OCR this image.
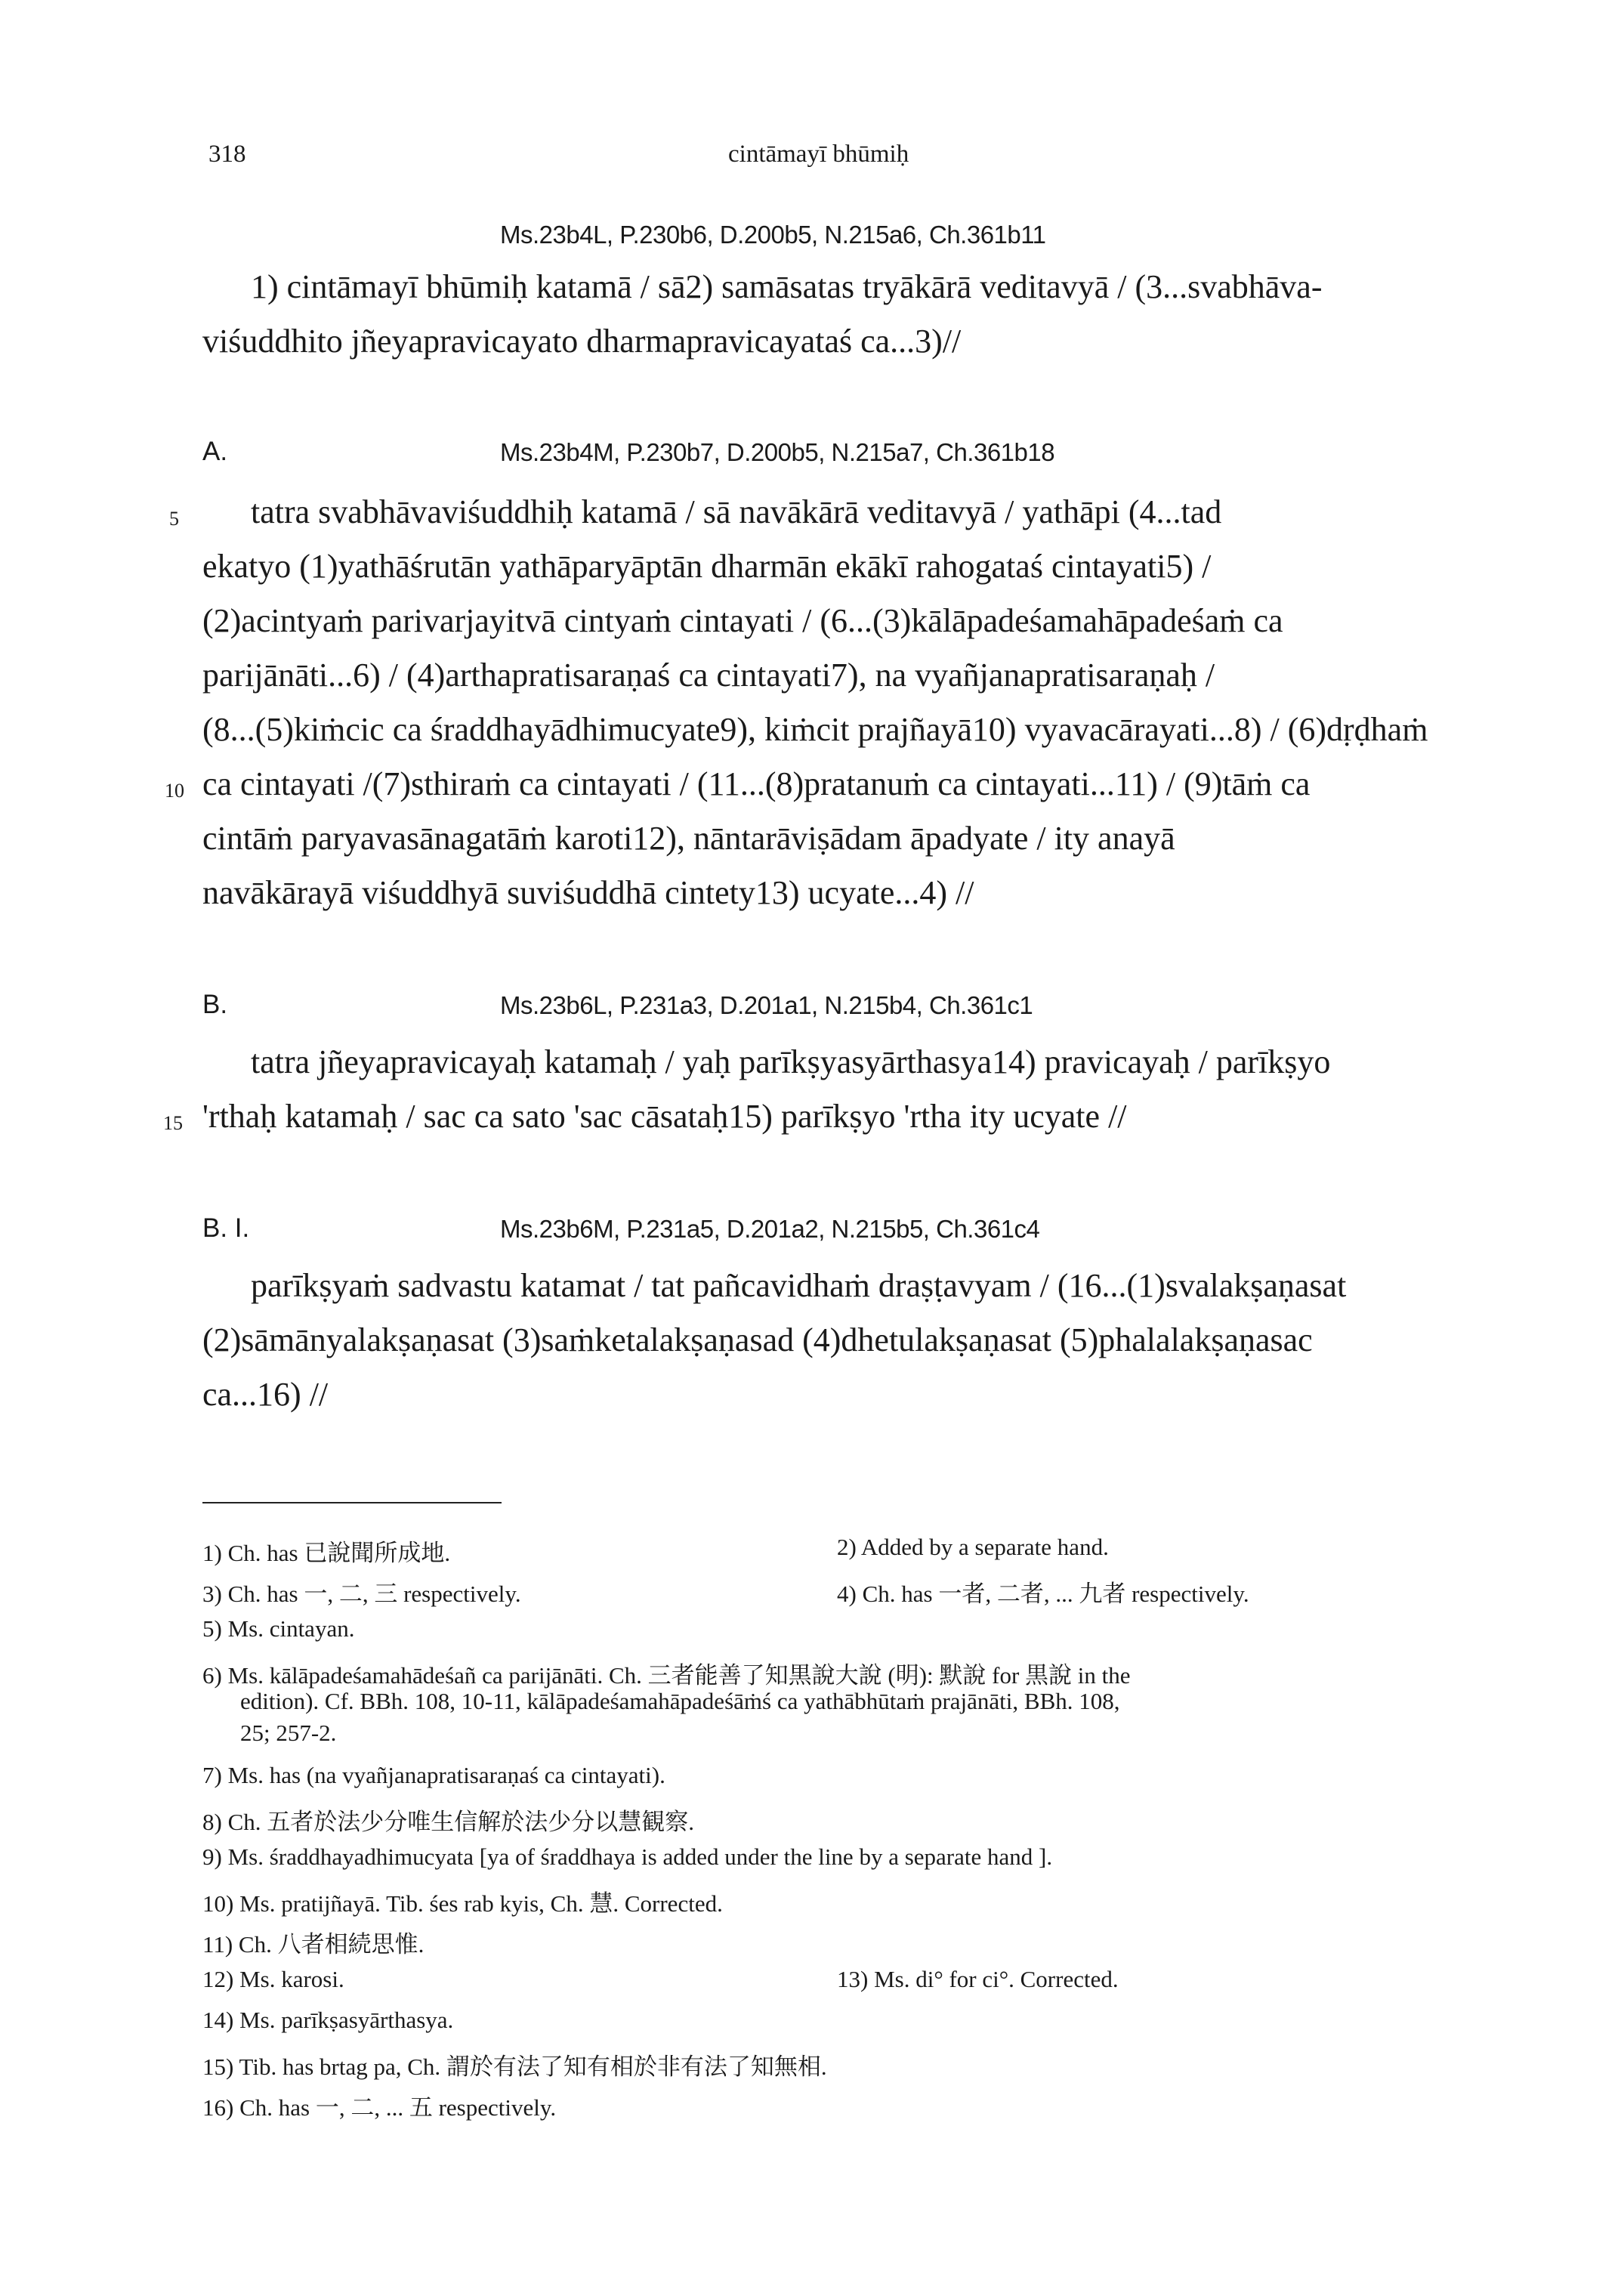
318	cintāmayī bhūmiḥ
Ms.23b4L, P.230b6, D.200b5, N.215a6, Ch.361b11
1) cintāmayī bhūmiḥ katamā / sā2) samāsatas tryākārā veditavyā / (3...svabhāva-
viśuddhito jñeyapravicayato dharmapravicayataś ca...3)//
A.	Ms.23b4M, P.230b7, D.200b5, N.215a7, Ch.361b18
5 tatra svabhāvaviśuddhiḥ katamā / sā navākārā veditavyā / yathāpi (4...tad
ekatyo (1)yathāśrutān yathāparyāptān dharmān ekākī rahogataś cintayati5) /
(2)acintyaṁ parivarjayitvā cintyaṁ cintayati / (6...(3)kālāpadeśamahāpadeśaṁ ca
parijānāti...6) / (4)arthapratisaraṇaś ca cintayati7), na vyañjanapratisaraṇaḥ /
(8...(5)kiṁcic ca śraddhayādhimucyate9), kiṁcit prajñayā10) vyavacārayati...8) / (6)dṛḍhaṁ
10 ca cintayati /(7)sthiraṁ ca cintayati / (11...(8)pratanuṁ ca cintayati...11) / (9)tāṁ ca
cintāṁ paryavasānagatāṁ karoti12), nāntarāviṣādam āpadyate / ity anayā
navākārayā viśuddhyā suviśuddhā cintety13) ucyate...4) //
B.	Ms.23b6L, P.231a3, D.201a1, N.215b4, Ch.361c1
tatra jñeyapravicayaḥ katamaḥ / yaḥ parīkṣyasyārthasya14) pravicayaḥ / parīkṣyo
15 'rthaḥ katamaḥ / sac ca sato 'sac cāsataḥ15) parīkṣyo 'rtha ity ucyate //
B. I.	Ms.23b6M, P.231a5, D.201a2, N.215b5, Ch.361c4
parīkṣyaṁ sadvastu katamat / tat pañcavidhaṁ draṣṭavyam / (16...(1)svalakṣaṇasat
(2)sāmānyalakṣaṇasat (3)saṁketalakṣaṇasad (4)dhetulakṣaṇasat (5)phalalakṣaṇasac
ca...16) //
1) Ch. has 已說聞所成地.	2) Added by a separate hand.
3) Ch. has 一, 二, 三 respectively.	4) Ch. has 一者, 二者, ... 九者 respectively.
5) Ms. cintayan.
6) Ms. kālāpadeśamahādeśañ ca parijānāti. Ch. 三者能善了知黒說大說 (明): 默說 for 黒說 in the
edition). Cf. BBh. 108, 10-11, kālāpadeśamahāpadeśāṁś ca yathābhūtaṁ prajānāti, BBh. 108,
25; 257-2.
7) Ms. has (na vyañjanapratisaraṇaś ca cintayati).
8) Ch. 五者於法少分唯生信解於法少分以慧観察.
9) Ms. śraddhayadhimucyata [ya of śraddhaya is added under the line by a separate hand ].
10) Ms. pratijñayā. Tib. śes rab kyis, Ch. 慧. Corrected.
11) Ch. 八者相続思惟.
12) Ms. karosi.	13) Ms. di° for ci°. Corrected.
14) Ms. parīkṣasyārthasya.
15) Tib. has brtag pa, Ch. 謂於有法了知有相於非有法了知無相.
16) Ch. has 一, 二, ... 五 respectively.
